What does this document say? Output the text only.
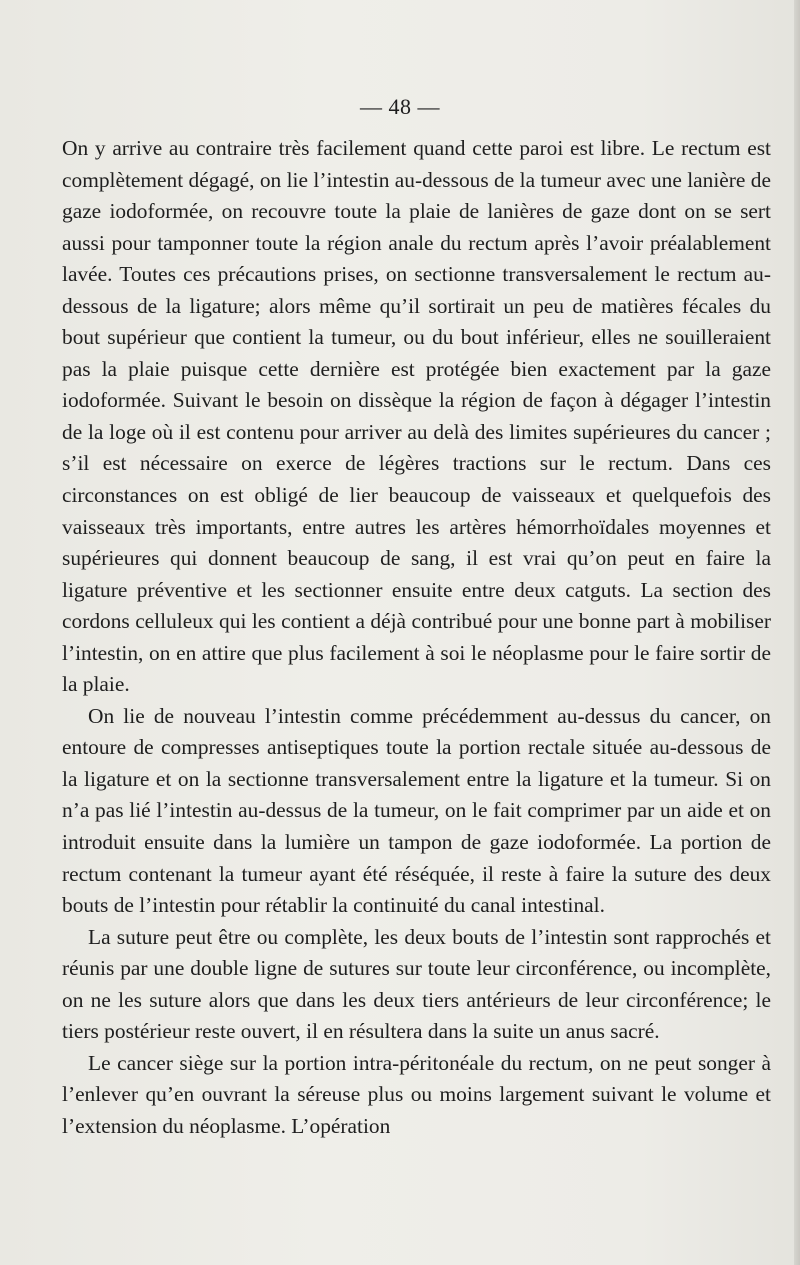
— 48 —

On y arrive au contraire très facilement quand cette paroi est libre. Le rectum est complètement dégagé, on lie l’intestin au-dessous de la tumeur avec une lanière de gaze iodoformée, on recouvre toute la plaie de lanières de gaze dont on se sert aussi pour tamponner toute la région anale du rectum après l’avoir préalablement lavée. Toutes ces précautions prises, on sectionne transversalement le rectum au-dessous de la ligature; alors même qu’il sortirait un peu de matières fécales du bout supérieur que contient la tumeur, ou du bout inférieur, elles ne souilleraient pas la plaie puisque cette dernière est protégée bien exactement par la gaze iodoformée. Suivant le besoin on dissèque la région de façon à dégager l’intestin de la loge où il est contenu pour arriver au delà des limites supérieures du cancer ; s’il est nécessaire on exerce de légères tractions sur le rectum. Dans ces circonstances on est obligé de lier beaucoup de vaisseaux et quelquefois des vaisseaux très importants, entre autres les artères hémorrhoïdales moyennes et supérieures qui donnent beaucoup de sang, il est vrai qu’on peut en faire la ligature préventive et les sectionner ensuite entre deux catguts. La section des cordons celluleux qui les contient a déjà contribué pour une bonne part à mobiliser l’intestin, on en attire que plus facilement à soi le néoplasme pour le faire sortir de la plaie.

On lie de nouveau l’intestin comme précédemment au-dessus du cancer, on entoure de compresses antiseptiques toute la portion rectale située au-dessous de la ligature et on la sectionne transversalement entre la ligature et la tumeur. Si on n’a pas lié l’intestin au-dessus de la tumeur, on le fait comprimer par un aide et on introduit ensuite dans la lumière un tampon de gaze iodoformée. La portion de rectum contenant la tumeur ayant été réséquée, il reste à faire la suture des deux bouts de l’intestin pour rétablir la continuité du canal intestinal.

La suture peut être ou complète, les deux bouts de l’intestin sont rapprochés et réunis par une double ligne de sutures sur toute leur circonférence, ou incomplète, on ne les suture alors que dans les deux tiers antérieurs de leur circonférence; le tiers postérieur reste ouvert, il en résultera dans la suite un anus sacré.

Le cancer siège sur la portion intra-péritonéale du rectum, on ne peut songer à l’enlever qu’en ouvrant la séreuse plus ou moins largement suivant le volume et l’extension du néoplasme. L’opération
